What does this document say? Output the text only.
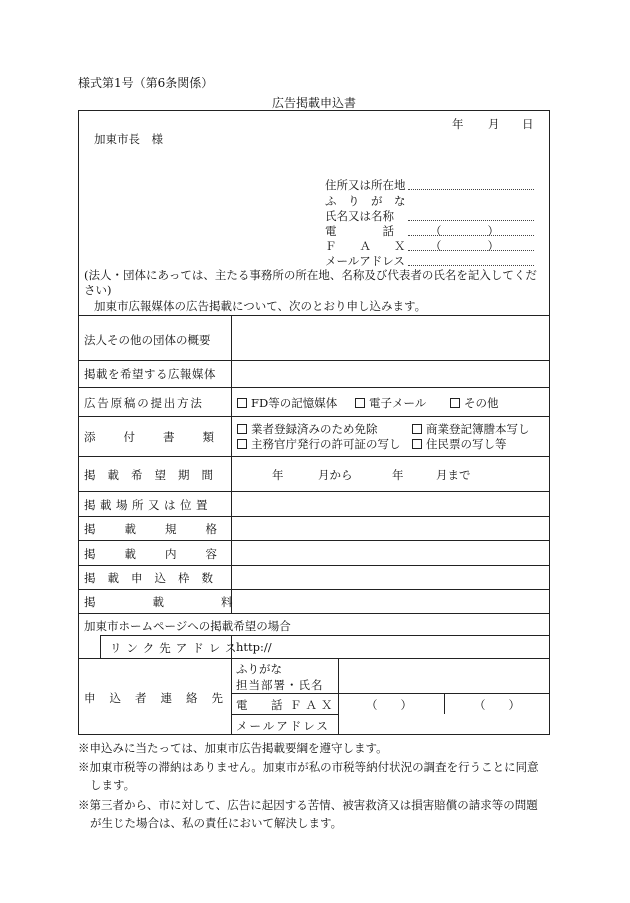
様式第1号（第6条関係）
広告掲載申込書
年 月 日
加東市長　様
住所又は所在地
ふ　り　が　な
氏名又は名称
電　　　　話	（　　　　）
Ｆ　　Ａ　　Ｘ （　　　　）
メールアドレス
(法人・団体にあっては、主たる事務所の所在地、名称及び代表者の氏名を記入してください)
加東市広報媒体の広告掲載について、次のとおり申し込みます。
法人その他の団体の概要
掲載を希望する広報媒体
広告原稿の提出方法	FD等の記憶媒体	電子メール	その他
添付書類
業者登録済みのため免除	商業登記簿謄本写し
主務官庁発行の許可証の写し	住民票の写し等
掲載希望期間	年	月から	年	月まで
掲載場所又は位置
掲載規格
掲載内容
掲載申込枠数
掲載料
加東市ホームページへの掲載希望の場合
リンク先アドレス
http://
申込者連絡先
ふりがな
担当部署・氏名
電　話 ＦＡＸ	（　　）	（　　）
メールアドレス
※申込みに当たっては、加東市広告掲載要綱を遵守します。
※加東市税等の滞納はありません。加東市が私の市税等納付状況の調査を行うことに同意
します。
※第三者から、市に対して、広告に起因する苦情、被害救済又は損害賠償の請求等の問題
が生じた場合は、私の責任において解決します。
